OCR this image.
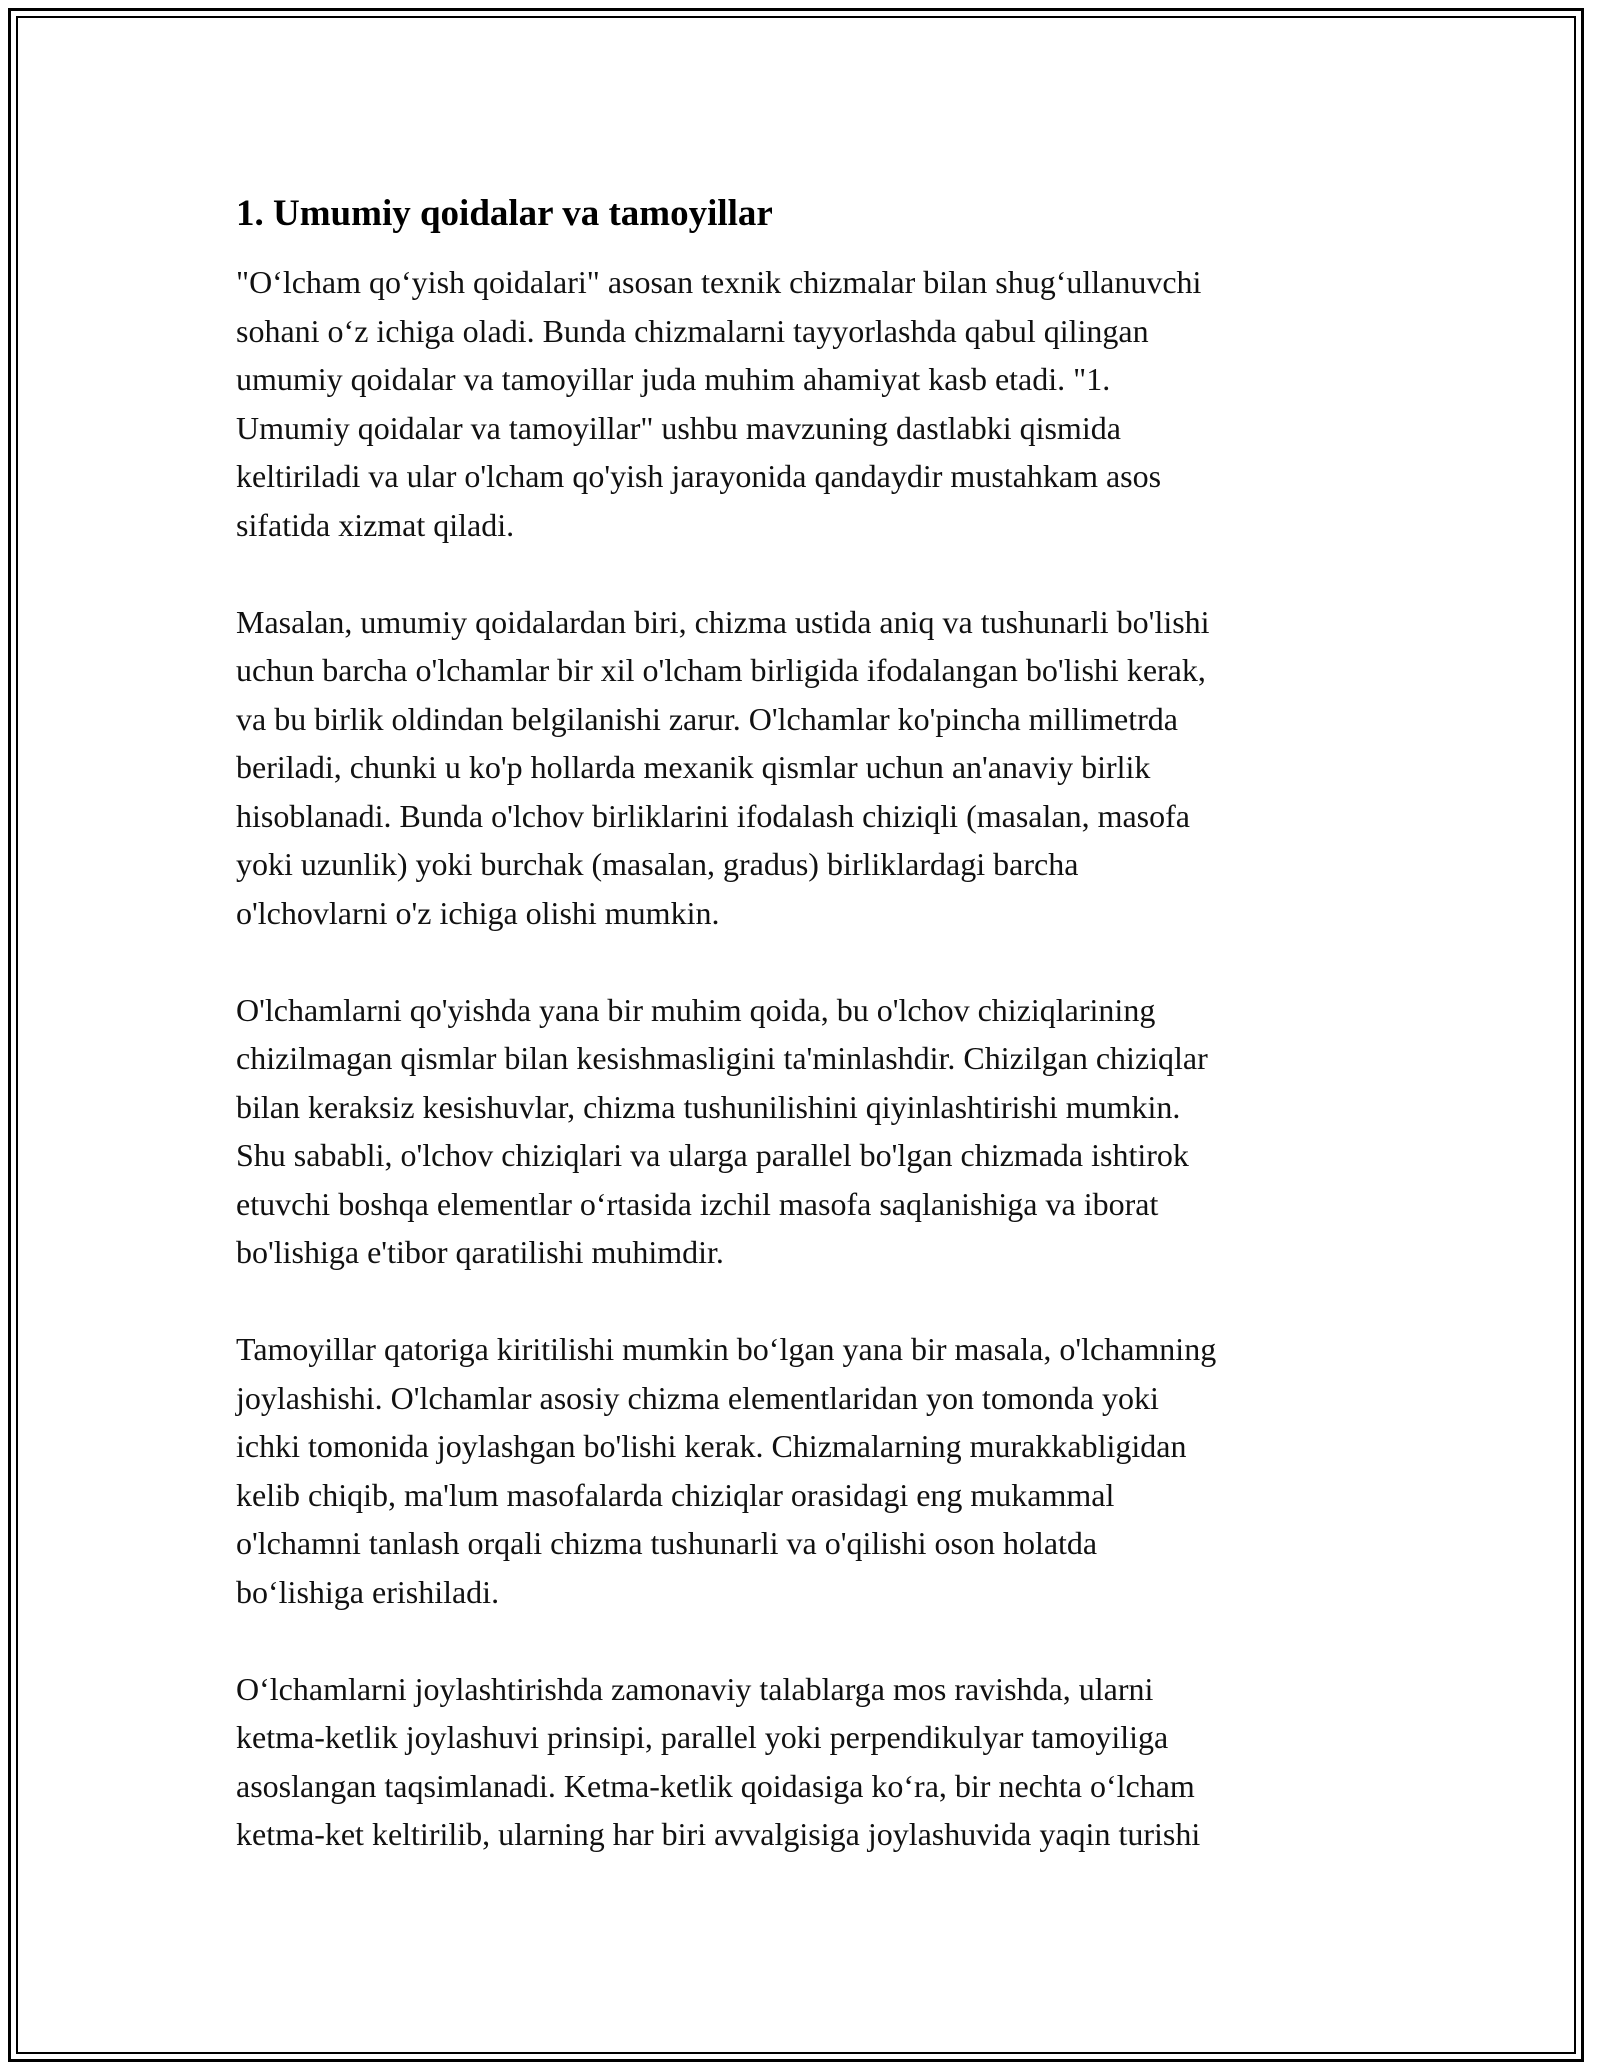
1. Umumiy qoidalar va tamoyillar

"O‘lcham qo‘yish qoidalari" asosan texnik chizmalar bilan shug‘ullanuvchi
sohani o‘z ichiga oladi. Bunda chizmalarni tayyorlashda qabul qilingan
umumiy qoidalar va tamoyillar juda muhim ahamiyat kasb etadi. "1.
Umumiy qoidalar va tamoyillar" ushbu mavzuning dastlabki qismida
keltiriladi va ular o'lcham qo'yish jarayonida qandaydir mustahkam asos
sifatida xizmat qiladi.

Masalan, umumiy qoidalardan biri, chizma ustida aniq va tushunarli bo'lishi
uchun barcha o'lchamlar bir xil o'lcham birligida ifodalangan bo'lishi kerak,
va bu birlik oldindan belgilanishi zarur. O'lchamlar ko'pincha millimetrda
beriladi, chunki u ko'p hollarda mexanik qismlar uchun an'anaviy birlik
hisoblanadi. Bunda o'lchov birliklarini ifodalash chiziqli (masalan, masofa
yoki uzunlik) yoki burchak (masalan, gradus) birliklardagi barcha
o'lchovlarni o'z ichiga olishi mumkin.

O'lchamlarni qo'yishda yana bir muhim qoida, bu o'lchov chiziqlarining
chizilmagan qismlar bilan kesishmasligini ta'minlashdir. Chizilgan chiziqlar
bilan keraksiz kesishuvlar, chizma tushunilishini qiyinlashtirishi mumkin.
Shu sababli, o'lchov chiziqlari va ularga parallel bo'lgan chizmada ishtirok
etuvchi boshqa elementlar o‘rtasida izchil masofa saqlanishiga va iborat
bo'lishiga e'tibor qaratilishi muhimdir.

Tamoyillar qatoriga kiritilishi mumkin bo‘lgan yana bir masala, o'lchamning
joylashishi. O'lchamlar asosiy chizma elementlaridan yon tomonda yoki
ichki tomonida joylashgan bo'lishi kerak. Chizmalarning murakkabligidan
kelib chiqib, ma'lum masofalarda chiziqlar orasidagi eng mukammal
o'lchamni tanlash orqali chizma tushunarli va o'qilishi oson holatda
bo‘lishiga erishiladi.

O‘lchamlarni joylashtirishda zamonaviy talablarga mos ravishda, ularni
ketma-ketlik joylashuvi prinsipi, parallel yoki perpendikulyar tamoyiliga
asoslangan taqsimlanadi. Ketma-ketlik qoidasiga ko‘ra, bir nechta o‘lcham
ketma-ket keltirilib, ularning har biri avvalgisiga joylashuvida yaqin turishi
